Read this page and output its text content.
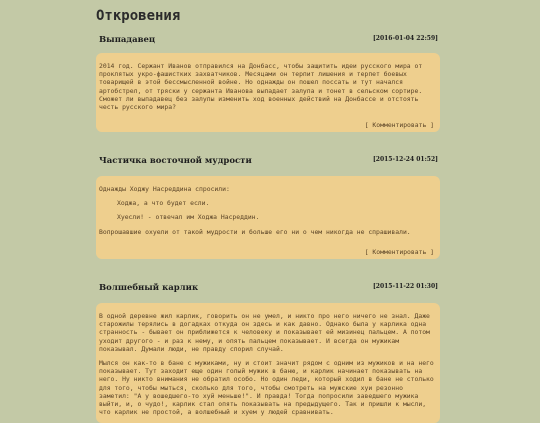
Откровения
Выпадавец	[2016-01-04 22:59]

2014 год. Сержант Иванов отправился на Донбасс, чтобы защитить идеи русского мира от проклятых укро-фашистких захватчиков. Месяцами он терпит лишения и терпет боевых товарищей в этой бессмысленной войне. Но однажды он пошел поссать и тут начался артобстрел, от тряски у сержанта Иванова выпадает залупа и тонет в сельском сортире. Сможет ли выпадавец без залупы изменить ход военных действий на Донбассе и отстоять честь русского мира?

[ Комментировать ]
Частичка восточной мудрости	[2015-12-24 01:52]

Однажды Ходжу Насреддина спросили:

Ходжа, а что будет если.

Хуесли! - отвечал им Ходжа Насреддин.

Вопрошавшие охуели от такой мудрости и больше его ни о чем никогда не спрашивали.

[ Комментировать ]
Волшебный карлик	[2015-11-22 01:30]

В одной деревне жил карлик, говорить он не умел, и никто про него ничего не знал. Даже старожилы терялись в догадках откуда он здесь и как давно. Однако была у карлика одна странность - бывает он приближется к человеку и показывает ей мизинец пальцем. А потом уходит другого - и раз к нему, и опять пальцем показывает. И всегда он мужикам показывал. Думали люди, не правду спорил случай.

Мылся он как-то в бане с мужиками, ну и стоит значит рядом с одним из мужиков и на него показывает. Тут заходит еще один голый мужик в баню, и карлик начинает показывать на него. Ну никто внимания не обратил особо. Но один леди, который ходил в бане не столько для того, чтобы мыться, сколько для того, чтобы смотреть на мужские хуи резонно заметил: "А у вошедшего-то хуй меньше!". И правда! Тогда попросили заведшего мужика выйти, и, о чудо!, карлик стал опять показывать на предыдущего. Так и пришли к мысли, что карлик не простой, а волшебный и хуем у людей сравнивать.
